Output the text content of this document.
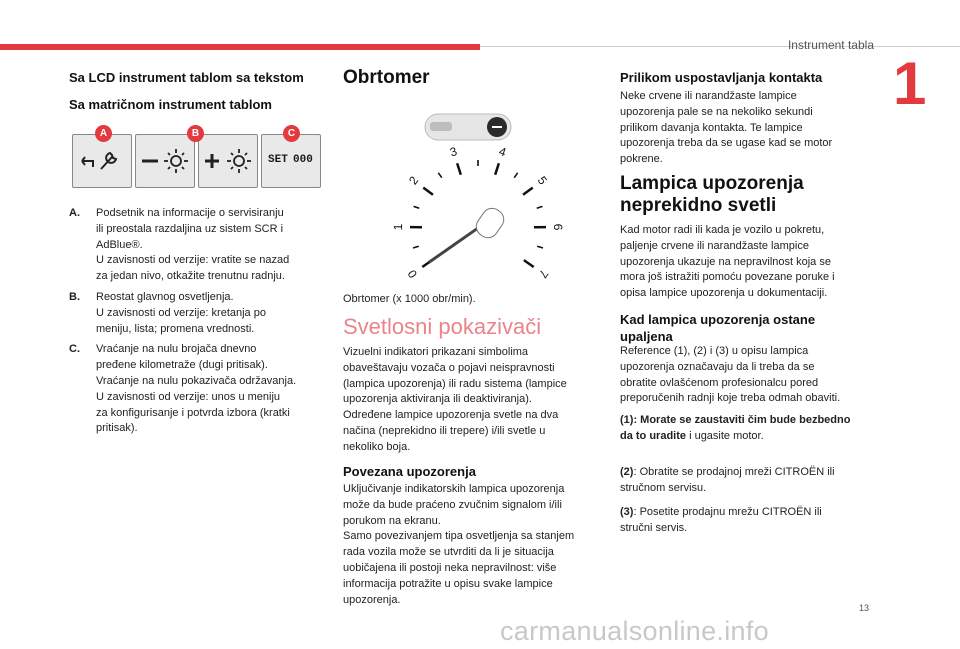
Instrument tabla
1
13
carmanualsonline.info
Sa LCD instrument tablom sa tekstom
Sa matričnom instrument tablom
SET 000
A	B	C
A. Podsetnik na informacije o servisiranju
ili preostala razdaljina uz sistem SCR i
AdBlue®.
U zavisnosti od verzije: vratite se nazad
za jedan nivo, otkažite trenutnu radnju.
B. Reostat glavnog osvetljenja.
U zavisnosti od verzije: kretanja po
meniju, lista; promena vrednosti.
C. Vraćanje na nulu brojača dnevno
pređene kilometraže (dugi pritisak).
Vraćanje na nulu pokazivača održavanja.
U zavisnosti od verzije: unos u meniju
za konfigurisanje i potvrda izbora (kratki
pritisak).
Obrtomer
0
1
2
3	4
5
6
7
Obrtomer (x 1000 obr/min).
Svetlosni pokazivači
Vizuelni indikatori prikazani simbolima
obaveštavaju vozača o pojavi neispravnosti
(lampica upozorenja) ili radu sistema (lampice
upozorenja aktiviranja ili deaktiviranja).
Određene lampice upozorenja svetle na dva
načina (neprekidno ili trepere) i/ili svetle u
nekoliko boja.
Povezana upozorenja
Uključivanje indikatorskih lampica upozorenja
može da bude praćeno zvučnim signalom i/ili
porukom na ekranu.
Samo povezivanjem tipa osvetljenja sa stanjem
rada vozila može se utvrditi da li je situacija
uobičajena ili postoji neka nepravilnost: više
informacija potražite u opisu svake lampice
upozorenja.
Prilikom uspostavljanja kontakta
Neke crvene ili narandžaste lampice
upozorenja pale se na nekoliko sekundi
prilikom davanja kontakta. Te lampice
upozorenja treba da se ugase kad se motor
pokrene.
Lampica upozorenja
neprekidno svetli
Kad motor radi ili kada je vozilo u pokretu,
paljenje crvene ili narandžaste lampice
upozorenja ukazuje na nepravilnost koja se
mora još istražiti pomoću povezane poruke i
opisa lampice upozorenja u dokumentaciji.
Kad lampica upozorenja ostane
upaljena
Reference (1), (2) i (3) u opisu lampica
upozorenja označavaju da li treba da se
obratite ovlašćenom profesionalcu pored
preporučenih radnji koje treba odmah obaviti.
(1): Morate se zaustaviti čim bude bezbedno
da to uradite i ugasite motor.
(2): Obratite se prodajnoj mreži CITROËN ili
stručnom servisu.
(3): Posetite prodajnu mrežu CITROËN ili
stručni servis.
